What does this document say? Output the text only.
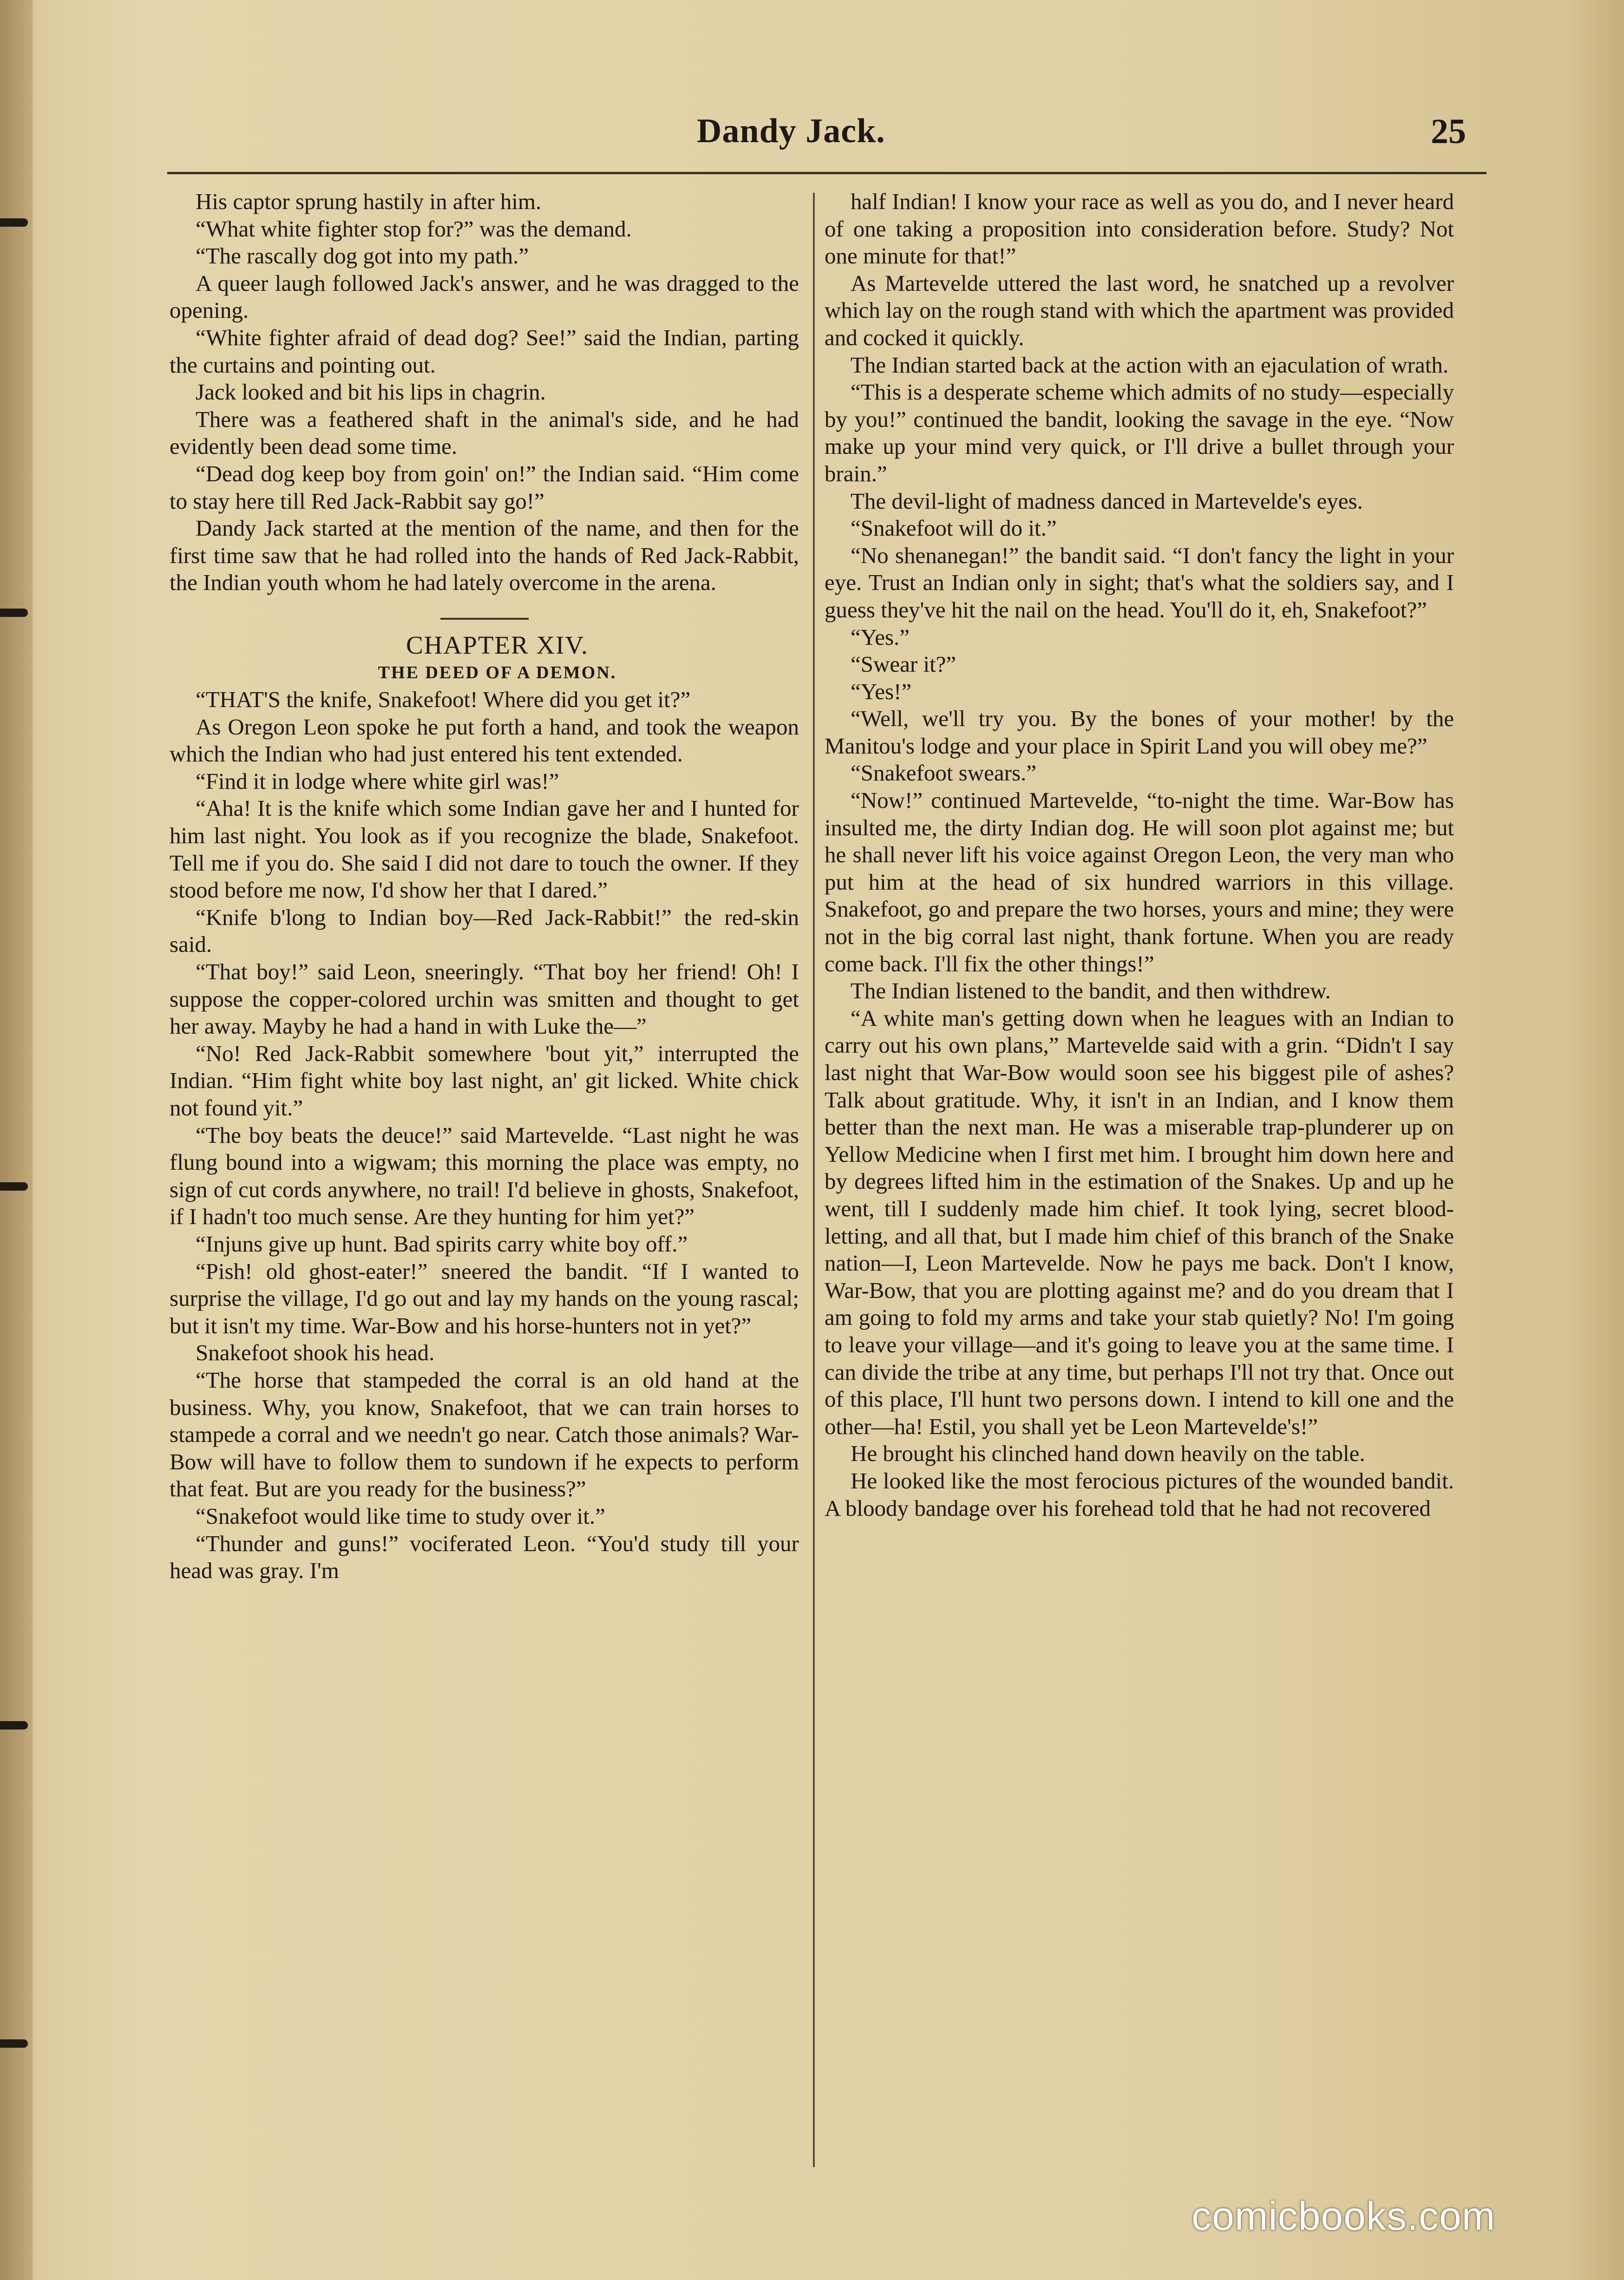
Dandy Jack.	25

His captor sprung hastily in after him.

“What white fighter stop for?” was the demand.

“The rascally dog got into my path.”

A queer laugh followed Jack's answer, and he was dragged to the opening.

“White fighter afraid of dead dog? See!” said the Indian, parting the curtains and pointing out.

Jack looked and bit his lips in chagrin.

There was a feathered shaft in the animal's side, and he had evidently been dead some time.

“Dead dog keep boy from goin' on!” the Indian said. “Him come to stay here till Red Jack-Rabbit say go!”

Dandy Jack started at the mention of the name, and then for the first time saw that he had rolled into the hands of Red Jack-Rabbit, the Indian youth whom he had lately overcome in the arena.

CHAPTER XIV.

THE DEED OF A DEMON.

“THAT'S the knife, Snakefoot! Where did you get it?”

As Oregon Leon spoke he put forth a hand, and took the weapon which the Indian who had just entered his tent extended.

“Find it in lodge where white girl was!”

“Aha! It is the knife which some Indian gave her and I hunted for him last night. You look as if you recognize the blade, Snakefoot. Tell me if you do. She said I did not dare to touch the owner. If they stood before me now, I'd show her that I dared.”

“Knife b'long to Indian boy—Red Jack-Rabbit!” the red-skin said.

“That boy!” said Leon, sneeringly. “That boy her friend! Oh! I suppose the copper-colored urchin was smitten and thought to get her away. Mayby he had a hand in with Luke the—”

“No! Red Jack-Rabbit somewhere 'bout yit,” interrupted the Indian. “Him fight white boy last night, an' git licked. White chick not found yit.”

“The boy beats the deuce!” said Martevelde. “Last night he was flung bound into a wigwam; this morning the place was empty, no sign of cut cords anywhere, no trail! I'd believe in ghosts, Snakefoot, if I hadn't too much sense. Are they hunting for him yet?”

“Injuns give up hunt. Bad spirits carry white boy off.”

“Pish! old ghost-eater!” sneered the bandit. “If I wanted to surprise the village, I'd go out and lay my hands on the young rascal; but it isn't my time. War-Bow and his horse-hunters not in yet?”

Snakefoot shook his head.

“The horse that stampeded the corral is an old hand at the business. Why, you know, Snakefoot, that we can train horses to stampede a corral and we needn't go near. Catch those animals? War-Bow will have to follow them to sundown if he expects to perform that feat. But are you ready for the business?”

“Snakefoot would like time to study over it.”

“Thunder and guns!” vociferated Leon. “You'd study till your head was gray. I'm

half Indian! I know your race as well as you do, and I never heard of one taking a proposition into consideration before. Study? Not one minute for that!”

As Martevelde uttered the last word, he snatched up a revolver which lay on the rough stand with which the apartment was provided and cocked it quickly.

The Indian started back at the action with an ejaculation of wrath.

“This is a desperate scheme which admits of no study—especially by you!” continued the bandit, looking the savage in the eye. “Now make up your mind very quick, or I'll drive a bullet through your brain.”

The devil-light of madness danced in Martevelde's eyes.

“Snakefoot will do it.”

“No shenanegan!” the bandit said. “I don't fancy the light in your eye. Trust an Indian only in sight; that's what the soldiers say, and I guess they've hit the nail on the head. You'll do it, eh, Snakefoot?”

“Yes.”

“Swear it?”

“Yes!”

“Well, we'll try you. By the bones of your mother! by the Manitou's lodge and your place in Spirit Land you will obey me?”

“Snakefoot swears.”

“Now!” continued Martevelde, “to-night the time. War-Bow has insulted me, the dirty Indian dog. He will soon plot against me; but he shall never lift his voice against Oregon Leon, the very man who put him at the head of six hundred warriors in this village. Snakefoot, go and prepare the two horses, yours and mine; they were not in the big corral last night, thank fortune. When you are ready come back. I'll fix the other things!”

The Indian listened to the bandit, and then withdrew.

“A white man's getting down when he leagues with an Indian to carry out his own plans,” Martevelde said with a grin. “Didn't I say last night that War-Bow would soon see his biggest pile of ashes? Talk about gratitude. Why, it isn't in an Indian, and I know them better than the next man. He was a miserable trap-plunderer up on Yellow Medicine when I first met him. I brought him down here and by degrees lifted him in the estimation of the Snakes. Up and up he went, till I suddenly made him chief. It took lying, secret blood-letting, and all that, but I made him chief of this branch of the Snake nation—I, Leon Martevelde. Now he pays me back. Don't I know, War-Bow, that you are plotting against me? and do you dream that I am going to fold my arms and take your stab quietly? No! I'm going to leave your village—and it's going to leave you at the same time. I can divide the tribe at any time, but perhaps I'll not try that. Once out of this place, I'll hunt two persons down. I intend to kill one and the other—ha! Estil, you shall yet be Leon Martevelde's!”

He brought his clinched hand down heavily on the table.

He looked like the most ferocious pictures of the wounded bandit. A bloody bandage over his forehead told that he had not recovered

comicbooks.com
